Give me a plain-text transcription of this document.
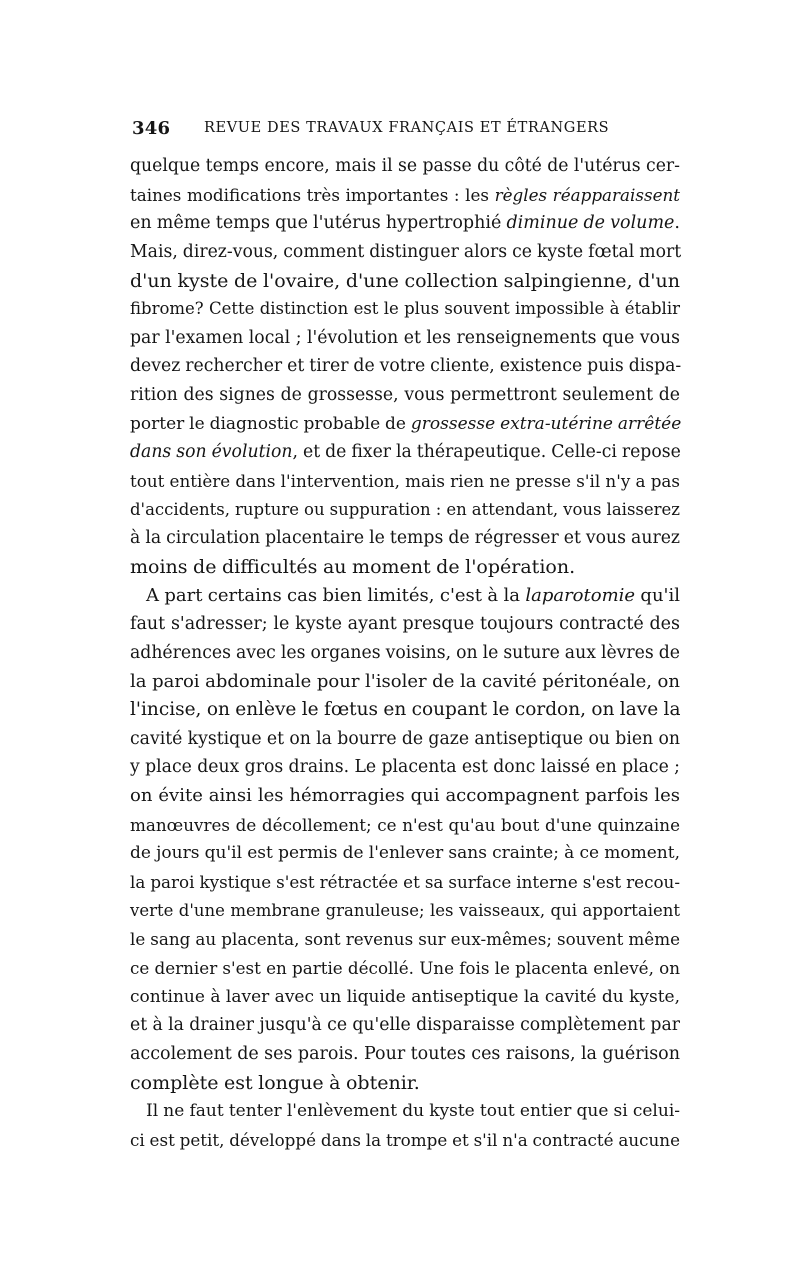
346 REVUE DES TRAVAUX FRANÇAIS ET ÉTRANGERS
quelque temps encore, mais il se passe du côté de l'utérus cer-
taines modifications très importantes : les règles réapparaissent
en même temps que l'utérus hypertrophié diminue de volume.
Mais, direz-vous, comment distinguer alors ce kyste fœtal mort
d'un kyste de l'ovaire, d'une collection salpingienne, d'un
fibrome? Cette distinction est le plus souvent impossible à établir
par l'examen local ; l'évolution et les renseignements que vous
devez rechercher et tirer de votre cliente, existence puis dispa-
rition des signes de grossesse, vous permettront seulement de
porter le diagnostic probable de grossesse extra-utérine arrêtée
dans son évolution, et de fixer la thérapeutique. Celle-ci repose
tout entière dans l'intervention, mais rien ne presse s'il n'y a pas
d'accidents, rupture ou suppuration : en attendant, vous laisserez
à la circulation placentaire le temps de régresser et vous aurez
moins de difficultés au moment de l'opération.
A part certains cas bien limités, c'est à la laparotomie qu'il
faut s'adresser; le kyste ayant presque toujours contracté des
adhérences avec les organes voisins, on le suture aux lèvres de
la paroi abdominale pour l'isoler de la cavité péritonéale, on
l'incise, on enlève le fœtus en coupant le cordon, on lave la
cavité kystique et on la bourre de gaze antiseptique ou bien on
y place deux gros drains. Le placenta est donc laissé en place ;
on évite ainsi les hémorragies qui accompagnent parfois les
manœuvres de décollement; ce n'est qu'au bout d'une quinzaine
de jours qu'il est permis de l'enlever sans crainte; à ce moment,
la paroi kystique s'est rétractée et sa surface interne s'est recou-
verte d'une membrane granuleuse; les vaisseaux, qui apportaient
le sang au placenta, sont revenus sur eux-mêmes; souvent même
ce dernier s'est en partie décollé. Une fois le placenta enlevé, on
continue à laver avec un liquide antiseptique la cavité du kyste,
et à la drainer jusqu'à ce qu'elle disparaisse complètement par
accolement de ses parois. Pour toutes ces raisons, la guérison
complète est longue à obtenir.
Il ne faut tenter l'enlèvement du kyste tout entier que si celui-
ci est petit, développé dans la trompe et s'il n'a contracté aucune
